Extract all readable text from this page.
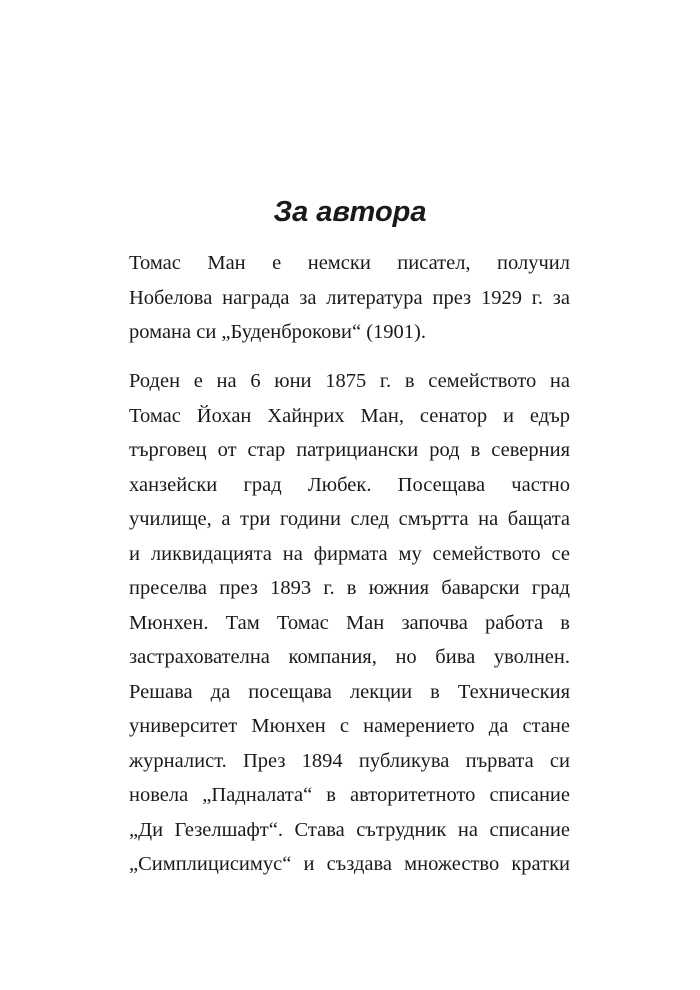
За автора
Томас Ман е немски писател, получил
Нобелова награда за литература през 1929 г. за
романа си „Буденброкови“ (1901).
Роден е на 6 юни 1875 г. в семейството на
Томас Йохан Хайнрих Ман, сенатор и едър
търговец от стар патрициански род в северния
ханзейски град Любек. Посещава частно
училище, а три години след смъртта на бащата
и ликвидацията на фирмата му семейството се
преселва през 1893 г. в южния баварски град
Мюнхен. Там Томас Ман започва работа в
застрахователна компания, но бива уволнен.
Решава да посещава лекции в Техническия
университет Мюнхен с намерението да стане
журналист. През 1894 публикува първата си
новела „Падналата“ в авторитетното списание
„Ди Гезелшафт“. Става сътрудник на списание
„Симплицисимус“ и създава множество кратки
